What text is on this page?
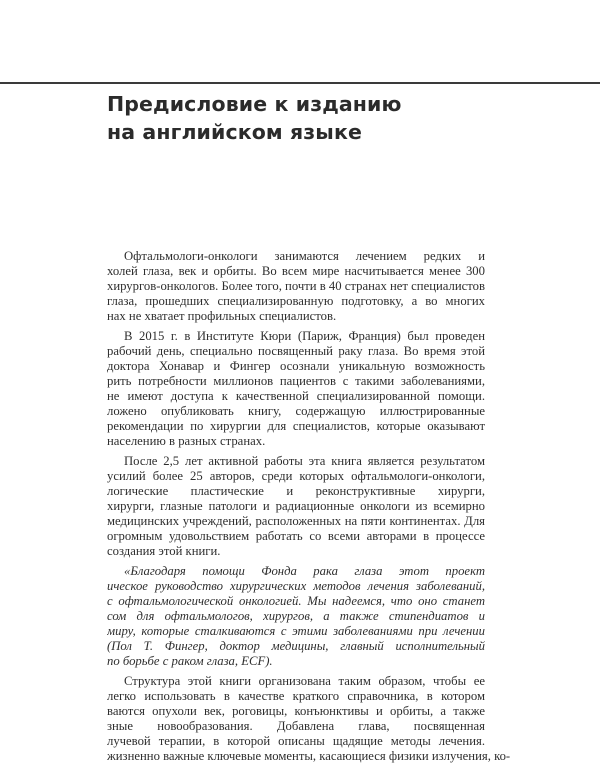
Предисловие к изданию
на английском языке
Офтальмологи-онкологи занимаются лечением редких и
холей глаза, век и орбиты. Во всем мире насчитывается менее 300
хирургов-онкологов. Более того, почти в 40 странах нет специалистов
глаза, прошедших специализированную подготовку, а во многих
нах не хватает профильных специалистов.
В 2015 г. в Институте Кюри (Париж, Франция) был проведен
рабочий день, специально посвященный раку глаза. Во время этой
доктора Хонавар и Фингер осознали уникальную возможность
рить потребности миллионов пациентов с такими заболеваниями,
не имеют доступа к качественной специализированной помощи.
ложено опубликовать книгу, содержащую иллюстрированные
рекомендации по хирургии для специалистов, которые оказывают
населению в разных странах.
После 2,5 лет активной работы эта книга является результатом
усилий более 25 авторов, среди которых офтальмологи-онкологи,
логические пластические и реконструктивные хирурги,
хирурги, глазные патологи и радиационные онкологи из всемирно
медицинских учреждений, расположенных на пяти континентах. Для
огромным удовольствием работать со всеми авторами в процессе
создания этой книги.
«Благодаря помощи Фонда рака глаза этот проект
ическое руководство хирургических методов лечения заболеваний,
с офтальмологической онкологией. Мы надеемся, что оно станет
сом для офтальмологов, хирургов, а также стипендиатов и
миру, которые сталкиваются с этими заболеваниями при лечении
(Пол Т. Фингер, доктор медицины, главный исполнительный
по борьбе с раком глаза, ECF).
Структура этой книги организована таким образом, чтобы ее
легко использовать в качестве краткого справочника, в котором
ваются опухоли век, роговицы, конъюнктивы и орбиты, а также
зные новообразования. Добавлена глава, посвященная
лучевой терапии, в которой описаны щадящие методы лечения.
жизненно важные ключевые моменты, касающиеся физики излучения, ко-
